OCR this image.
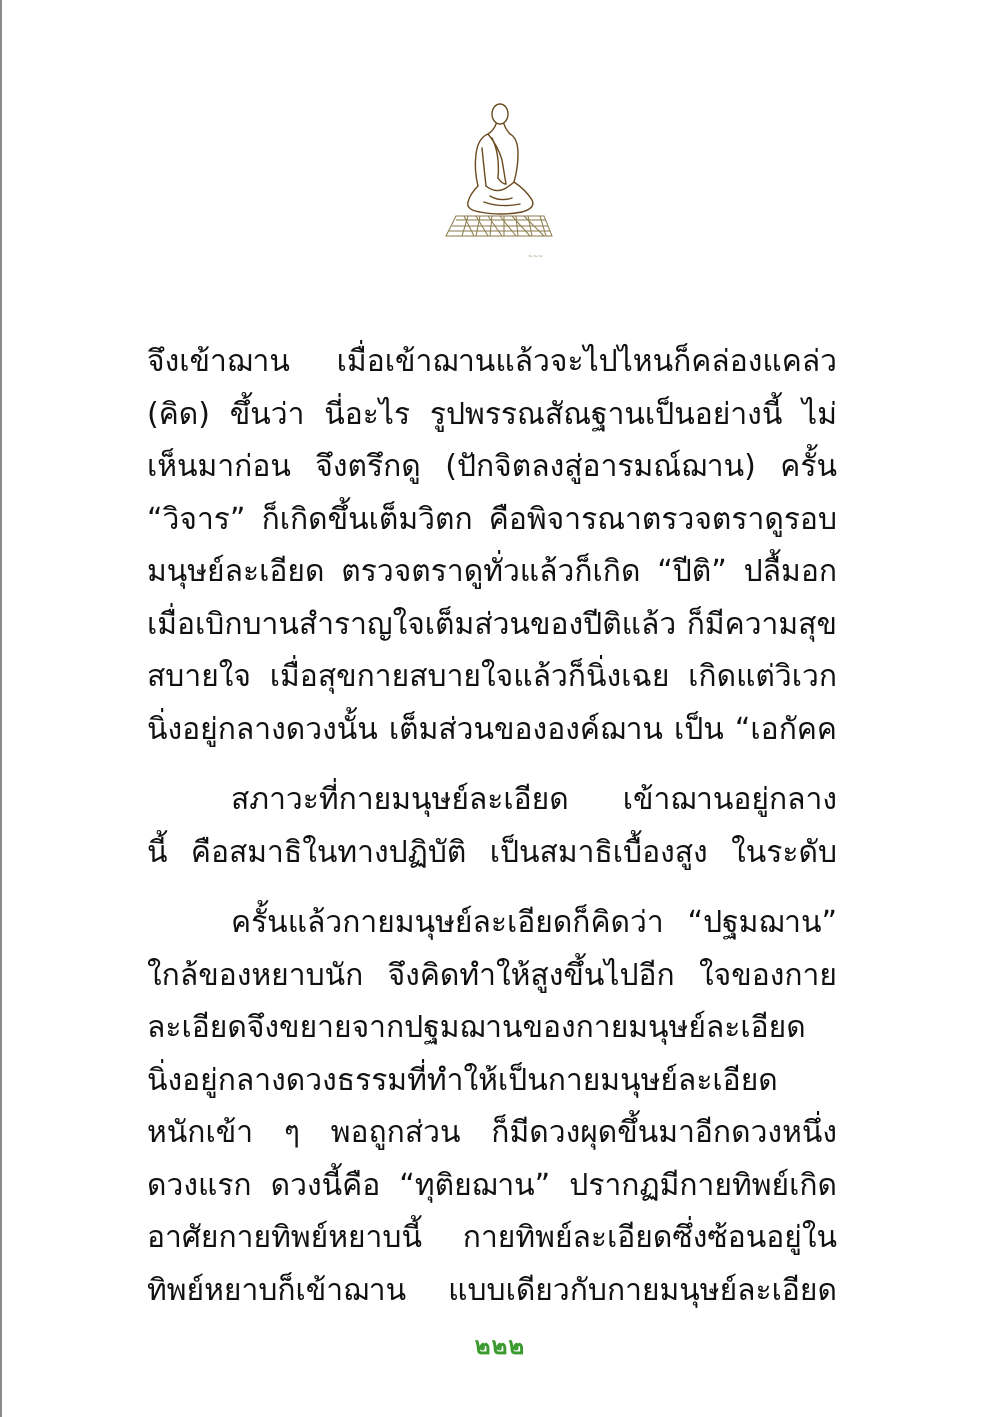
~~~
จึงเข้าฌาน เมื่อเข้าฌานแล้วจะไปไหนก็คล่องแคล่ว
(คิด) ขึ้นว่า นี่อะไร รูปพรรณสัณฐานเป็นอย่างนี้ ไม่
เห็นมาก่อน จึงตรึกดู (ปักจิตลงสู่อารมณ์ฌาน) ครั้น
“วิจาร” ก็เกิดขึ้นเต็มวิตก คือพิจารณาตรวจตราดูรอบ
มนุษย์ละเอียด ตรวจตราดูทั่วแล้วก็เกิด “ปีติ” ปลื้มอก
เมื่อเบิกบานสำราญใจเต็มส่วนของปีติแล้ว ก็มีความสุข
สบายใจ เมื่อสุขกายสบายใจแล้วก็นิ่งเฉย เกิดแต่วิเวก
นิ่งอยู่กลางดวงนั้น เต็มส่วนขององค์ฌาน เป็น “เอกัคค
สภาวะที่กายมนุษย์ละเอียด เข้าฌานอยู่กลาง
นี้ คือสมาธิในทางปฏิบัติ เป็นสมาธิเบื้องสูง ในระดับ
ครั้นแล้วกายมนุษย์ละเอียดก็คิดว่า “ปฐมฌาน”
ใกล้ของหยาบนัก จึงคิดทำให้สูงขึ้นไปอีก ใจของกาย
ละเอียดจึงขยายจากปฐมฌานของกายมนุษย์ละเอียด
นิ่งอยู่กลางดวงธรรมที่ทำให้เป็นกายมนุษย์ละเอียด
หนักเข้า ๆ พอถูกส่วน ก็มีดวงผุดขึ้นมาอีกดวงหนึ่ง
ดวงแรก ดวงนี้คือ “ทุติยฌาน” ปรากฏมีกายทิพย์เกิด
อาศัยกายทิพย์หยาบนี้ กายทิพย์ละเอียดซึ่งซ้อนอยู่ใน
ทิพย์หยาบก็เข้าฌาน แบบเดียวกับกายมนุษย์ละเอียด
๒๒๒
